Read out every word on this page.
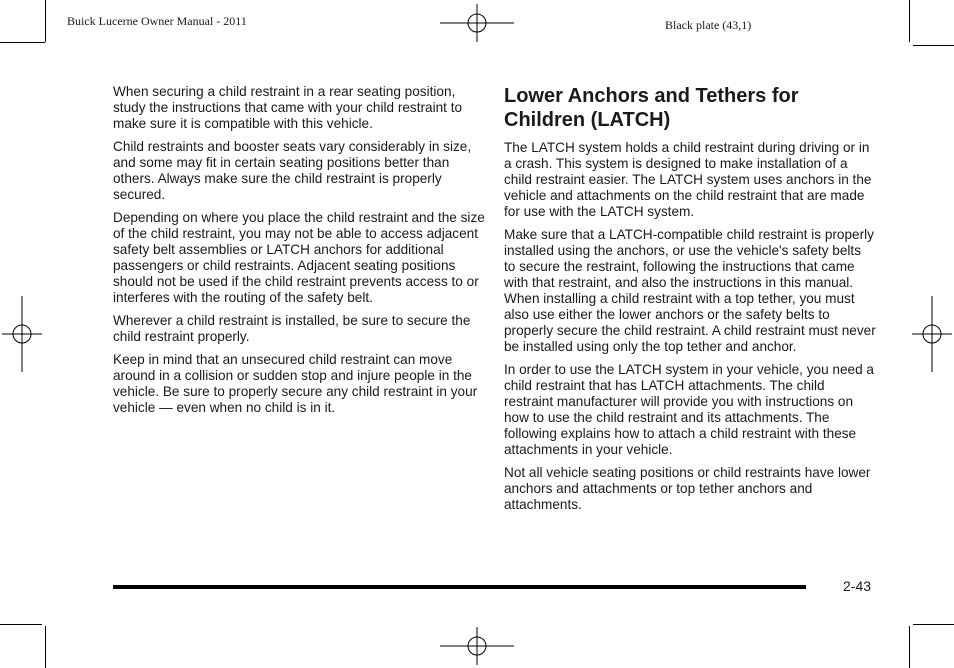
Buick Lucerne Owner Manual - 2011	Black plate (43,1)

When securing a child restraint in a rear seating position, study the instructions that came with your child restraint to make sure it is compatible with this vehicle.

Child restraints and booster seats vary considerably in size, and some may fit in certain seating positions better than others. Always make sure the child restraint is properly secured.

Depending on where you place the child restraint and the size of the child restraint, you may not be able to access adjacent safety belt assemblies or LATCH anchors for additional passengers or child restraints. Adjacent seating positions should not be used if the child restraint prevents access to or interferes with the routing of the safety belt.

Wherever a child restraint is installed, be sure to secure the child restraint properly.

Keep in mind that an unsecured child restraint can move around in a collision or sudden stop and injure people in the vehicle. Be sure to properly secure any child restraint in your vehicle — even when no child is in it.

Lower Anchors and Tethers for Children (LATCH)

The LATCH system holds a child restraint during driving or in a crash. This system is designed to make installation of a child restraint easier. The LATCH system uses anchors in the vehicle and attachments on the child restraint that are made for use with the LATCH system.

Make sure that a LATCH-compatible child restraint is properly installed using the anchors, or use the vehicle's safety belts to secure the restraint, following the instructions that came with that restraint, and also the instructions in this manual. When installing a child restraint with a top tether, you must also use either the lower anchors or the safety belts to properly secure the child restraint. A child restraint must never be installed using only the top tether and anchor.

In order to use the LATCH system in your vehicle, you need a child restraint that has LATCH attachments. The child restraint manufacturer will provide you with instructions on how to use the child restraint and its attachments. The following explains how to attach a child restraint with these attachments in your vehicle.

Not all vehicle seating positions or child restraints have lower anchors and attachments or top tether anchors and attachments.

2-43
